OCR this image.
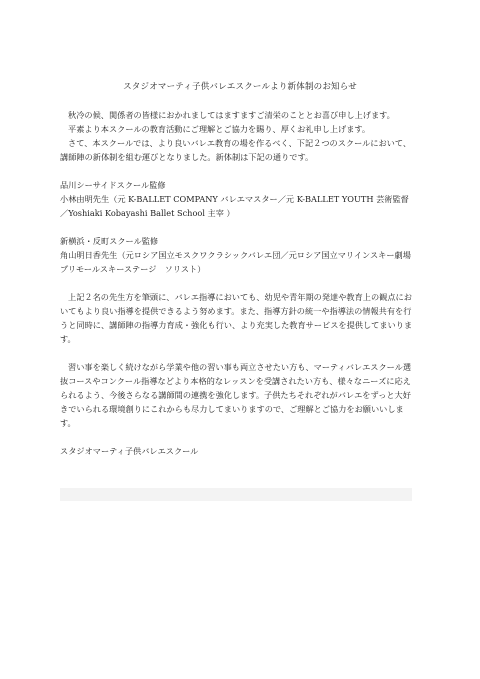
スタジオマーティ子供バレエスクールより新体制のお知らせ

秋冷の候、関係者の皆様におかれましてはますますご清栄のこととお喜び申し上げます。

平素より本スクールの教育活動にご理解とご協力を賜り、厚くお礼申し上げます。

さて、本スクールでは、より良いバレエ教育の場を作るべく、下記２つのスクールにおいて、講師陣の新体制を組む運びとなりました。新体制は下記の通りです。

品川シーサイドスクール監修

小林由明先生（元 K-BALLET COMPANY バレエマスター／元 K-BALLET YOUTH 芸術監督／Yoshiaki Kobayashi Ballet School 主宰 ）

新横浜・反町スクール監修

角山明日香先生（元ロシア国立モスクワクラシックバレエ団／元ロシア国立マリインスキー劇場プリモールスキーステージ　ソリスト）

上記２名の先生方を筆頭に、バレエ指導においても、幼児や青年期の発達や教育上の観点においてもより良い指導を提供できるよう努めます。また、指導方針の統一や指導法の情報共有を行うと同時に、講師陣の指導力育成・強化も行い、より充実した教育サービスを提供してまいります。

習い事を楽しく続けながら学業や他の習い事も両立させたい方も、マーティバレエスクール選抜コースやコンクール指導などより本格的なレッスンを受講されたい方も、様々なニーズに応えられるよう、今後さらなる講師間の連携を強化します。子供たちそれぞれがバレエをずっと大好きでいられる環境創りにこれからも尽力してまいりますので、ご理解とご協力をお願いいします。

スタジオマーティ子供バレエスクール
